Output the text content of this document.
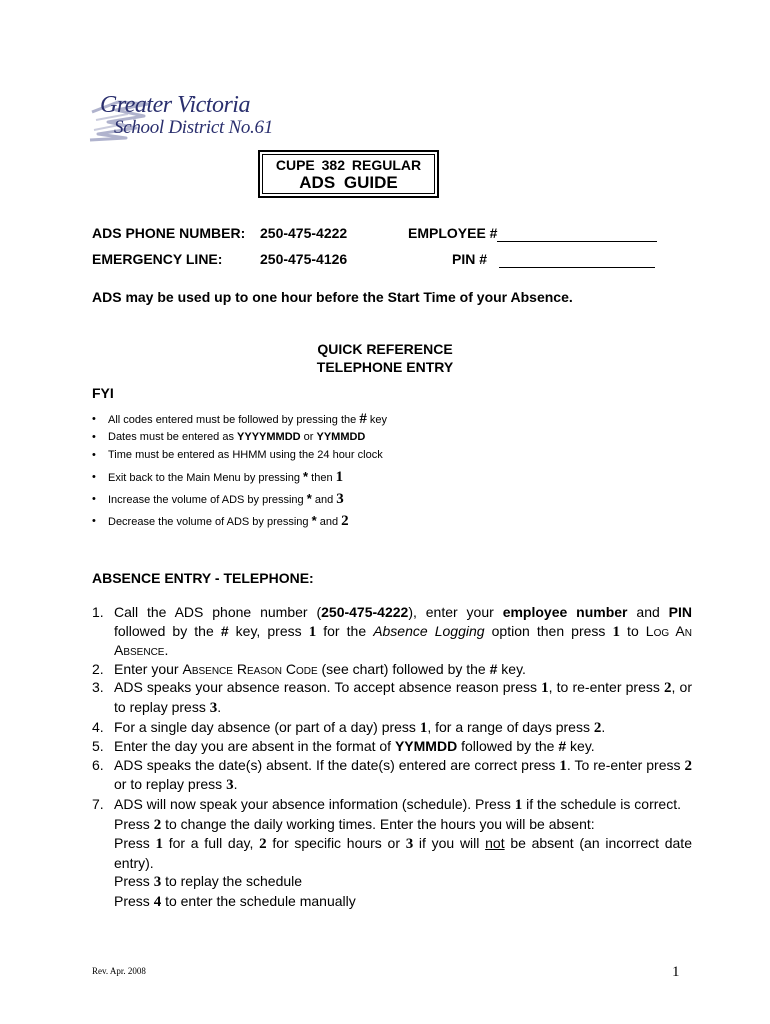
Greater Victoria
School District No.61
CUPE 382 REGULAR
ADS GUIDE
ADS PHONE NUMBER: 250-475-4222	EMPLOYEE #
EMERGENCY LINE:	250-475-4126	PIN #
ADS may be used up to one hour before the Start Time of your Absence.
QUICK REFERENCE
TELEPHONE ENTRY
FYI
• All codes entered must be followed by pressing the # key
• Dates must be entered as YYYYMMDD or YYMMDD
• Time must be entered as HHMM using the 24 hour clock
• Exit back to the Main Menu by pressing * then 1
• Increase the volume of ADS by pressing * and 3
• Decrease the volume of ADS by pressing * and 2
ABSENCE ENTRY - TELEPHONE:
1. Call the ADS phone number (250-475-4222), enter your employee number and PIN followed by the # key, press 1 for the Absence Logging option then press 1 to Log An Absence.
2. Enter your Absence Reason Code (see chart) followed by the # key.
3. ADS speaks your absence reason. To accept absence reason press 1, to re-enter press 2, or to replay press 3.
4. For a single day absence (or part of a day) press 1, for a range of days press 2.
5. Enter the day you are absent in the format of YYMMDD followed by the # key.
6. ADS speaks the date(s) absent. If the date(s) entered are correct press 1. To re-enter press 2 or to replay press 3.
7. ADS will now speak your absence information (schedule). Press 1 if the schedule is correct.
Press 2 to change the daily working times. Enter the hours you will be absent:
Press 1 for a full day, 2 for specific hours or 3 if you will not be absent (an incorrect date entry).
Press 3 to replay the schedule
Press 4 to enter the schedule manually
Rev. Apr. 2008	1
